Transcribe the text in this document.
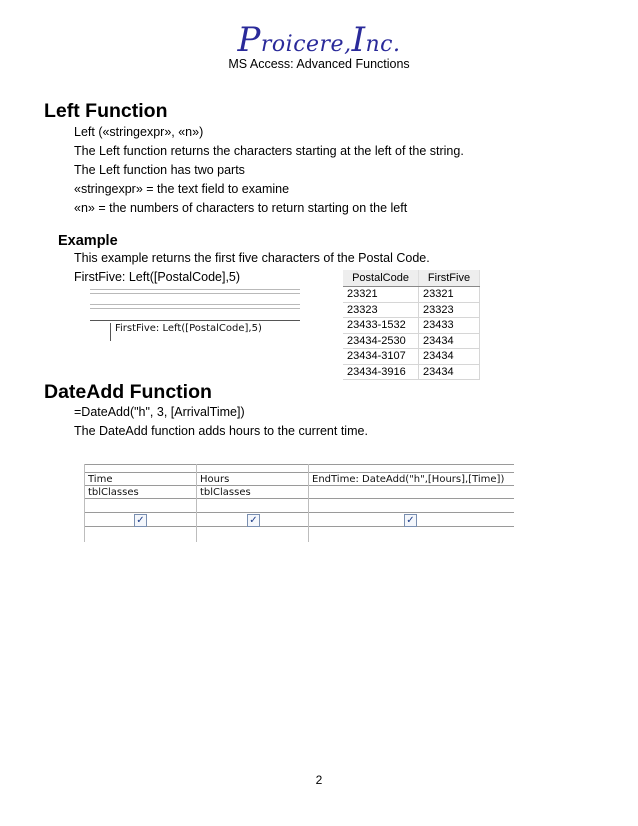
Proicere,Inc.
MS Access: Advanced Functions
Left Function
Left («stringexpr», «n»)
The Left function returns the characters starting at the left of the string.
The Left function has two parts
«stringexpr» = the text field to examine
«n» = the numbers of characters to return starting on the left
Example
This example returns the first five characters of the Postal Code.
FirstFive: Left([PostalCode],5)
FirstFive: Left([PostalCode],5)
PostalCode	FirstFive
23321	23321
23323	23323
23433-1532	23433
23434-2530	23434
23434-3107	23434
23434-3916	23434
DateAdd Function
=DateAdd("h", 3, [ArrivalTime])
The DateAdd function adds hours to the current time.
Time	Hours	EndTime: DateAdd("h",[Hours],[Time])
tblClasses	tblClasses
✓	✓	✓
2
